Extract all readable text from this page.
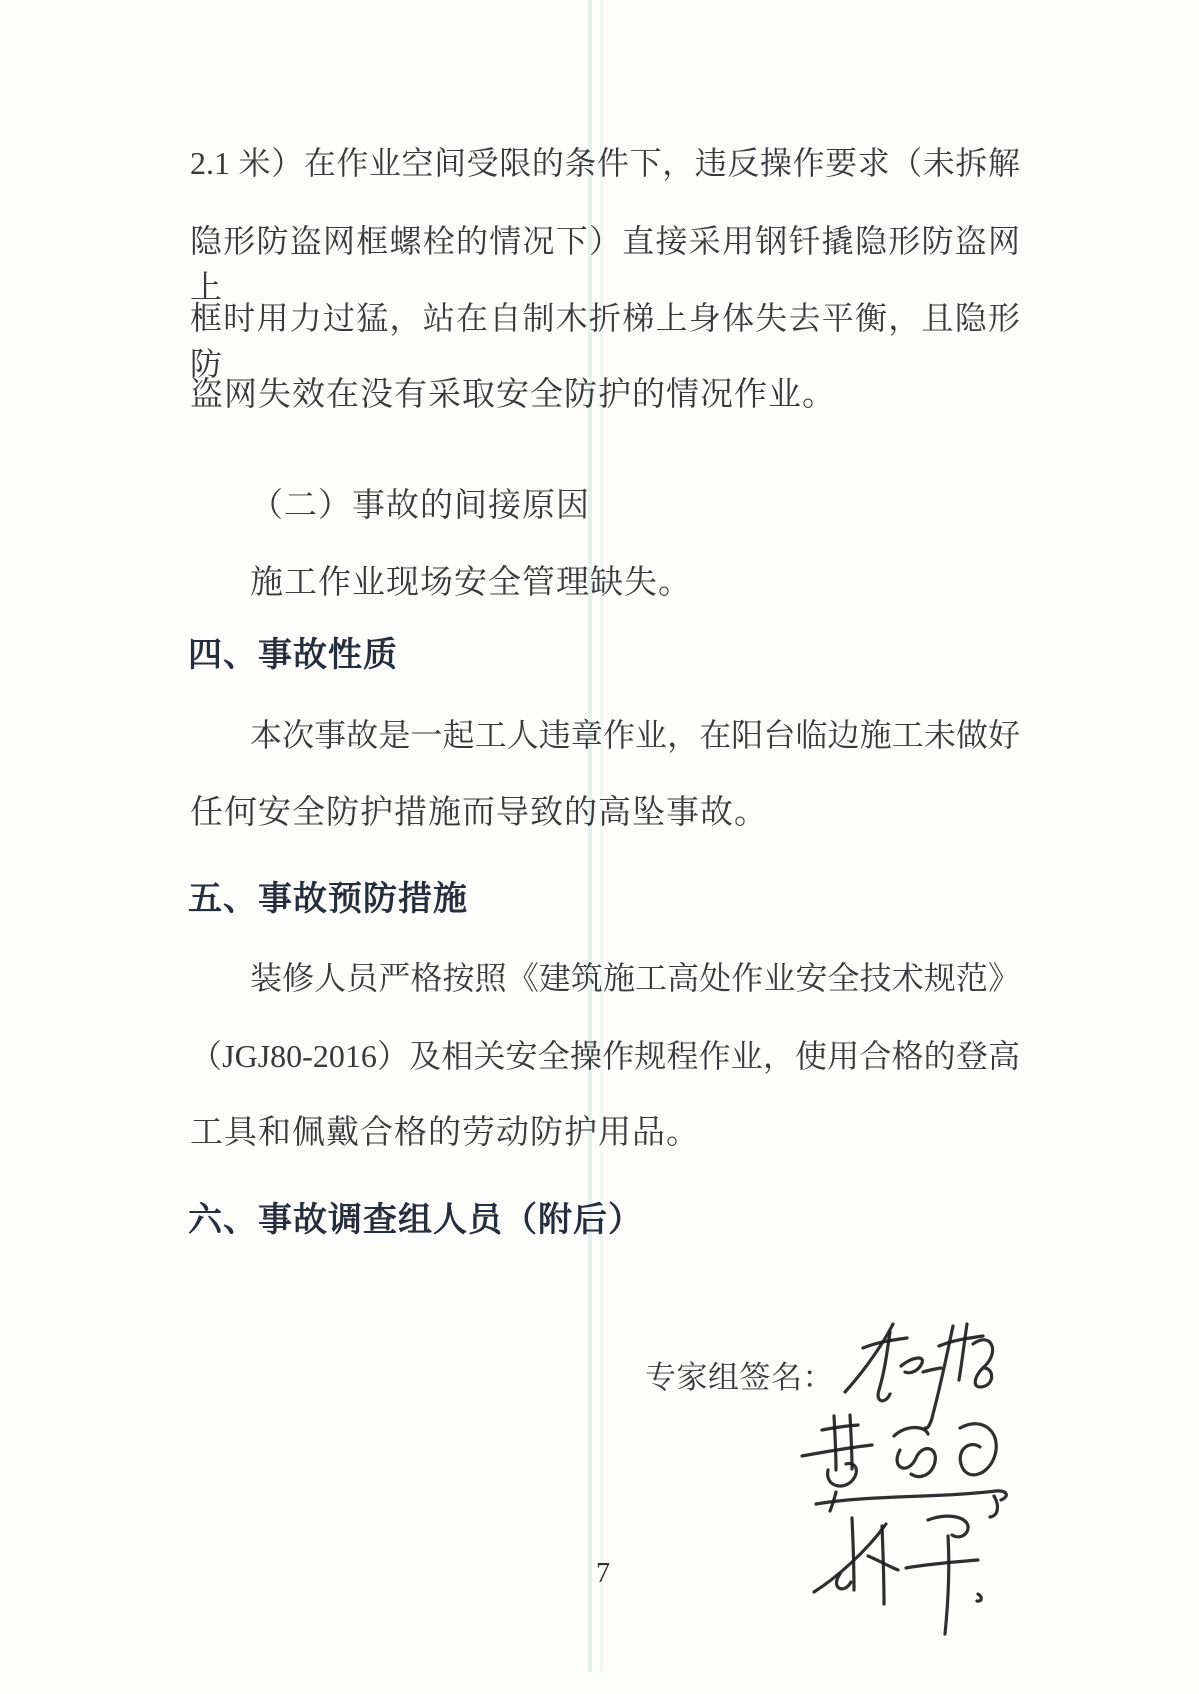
2.1 米）在作业空间受限的条件下，违反操作要求（未拆解
隐形防盗网框螺栓的情况下）直接采用钢钎撬隐形防盗网上
框时用力过猛，站在自制木折梯上身体失去平衡，且隐形防
盗网失效在没有采取安全防护的情况作业。
（二）事故的间接原因
施工作业现场安全管理缺失。
四、事故性质
本次事故是一起工人违章作业，在阳台临边施工未做好
任何安全防护措施而导致的高坠事故。
五、事故预防措施
装修人员严格按照《建筑施工高处作业安全技术规范》
（JGJ80-2016）及相关安全操作规程作业，使用合格的登高
工具和佩戴合格的劳动防护用品。
六、事故调查组人员（附后）
专家组签名：
7
